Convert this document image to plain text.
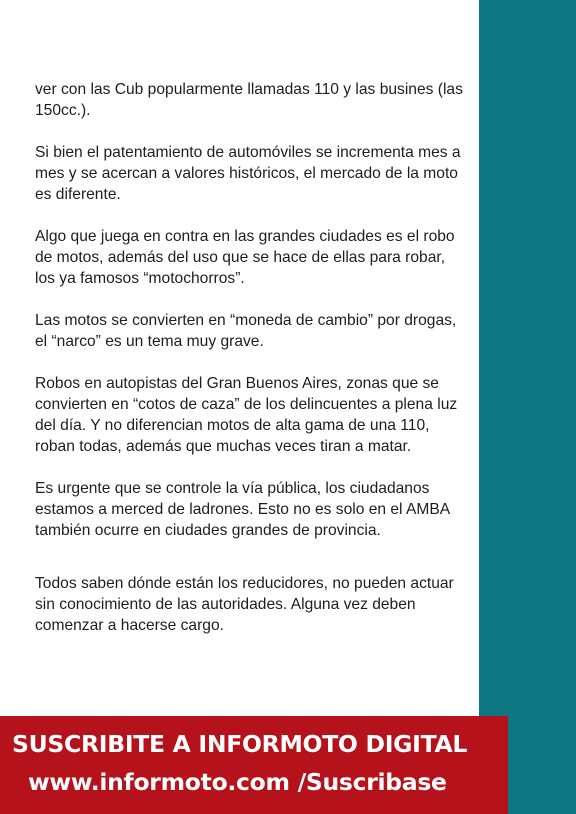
ver con las Cub popularmente llamadas 110 y las busines (las 150cc.).

Si bien el patentamiento de automóviles se incrementa mes a mes y se acercan a valores históricos, el mercado de la moto es diferente.

Algo que juega en contra en las grandes ciudades es el robo de motos, además del uso que se hace de ellas para robar, los ya famosos “motochorros”.

Las motos se convierten en “moneda de cambio” por drogas, el “narco” es un tema muy grave.

Robos en autopistas del Gran Buenos Aires, zonas que se convierten en “cotos de caza” de los delincuentes a plena luz del día. Y no diferencian motos de alta gama de una 110, roban todas, además que muchas veces tiran a matar.

Es urgente que se controle la vía pública, los ciudadanos estamos a merced de ladrones. Esto no es solo en el AMBA también ocurre en ciudades grandes de provincia.

Todos saben dónde están los reducidores, no pueden actuar sin conocimiento de las autoridades. Alguna vez deben comenzar a hacerse cargo.

SUSCRIBITE A INFORMOTO DIGITAL
www.informoto.com /Suscribase
